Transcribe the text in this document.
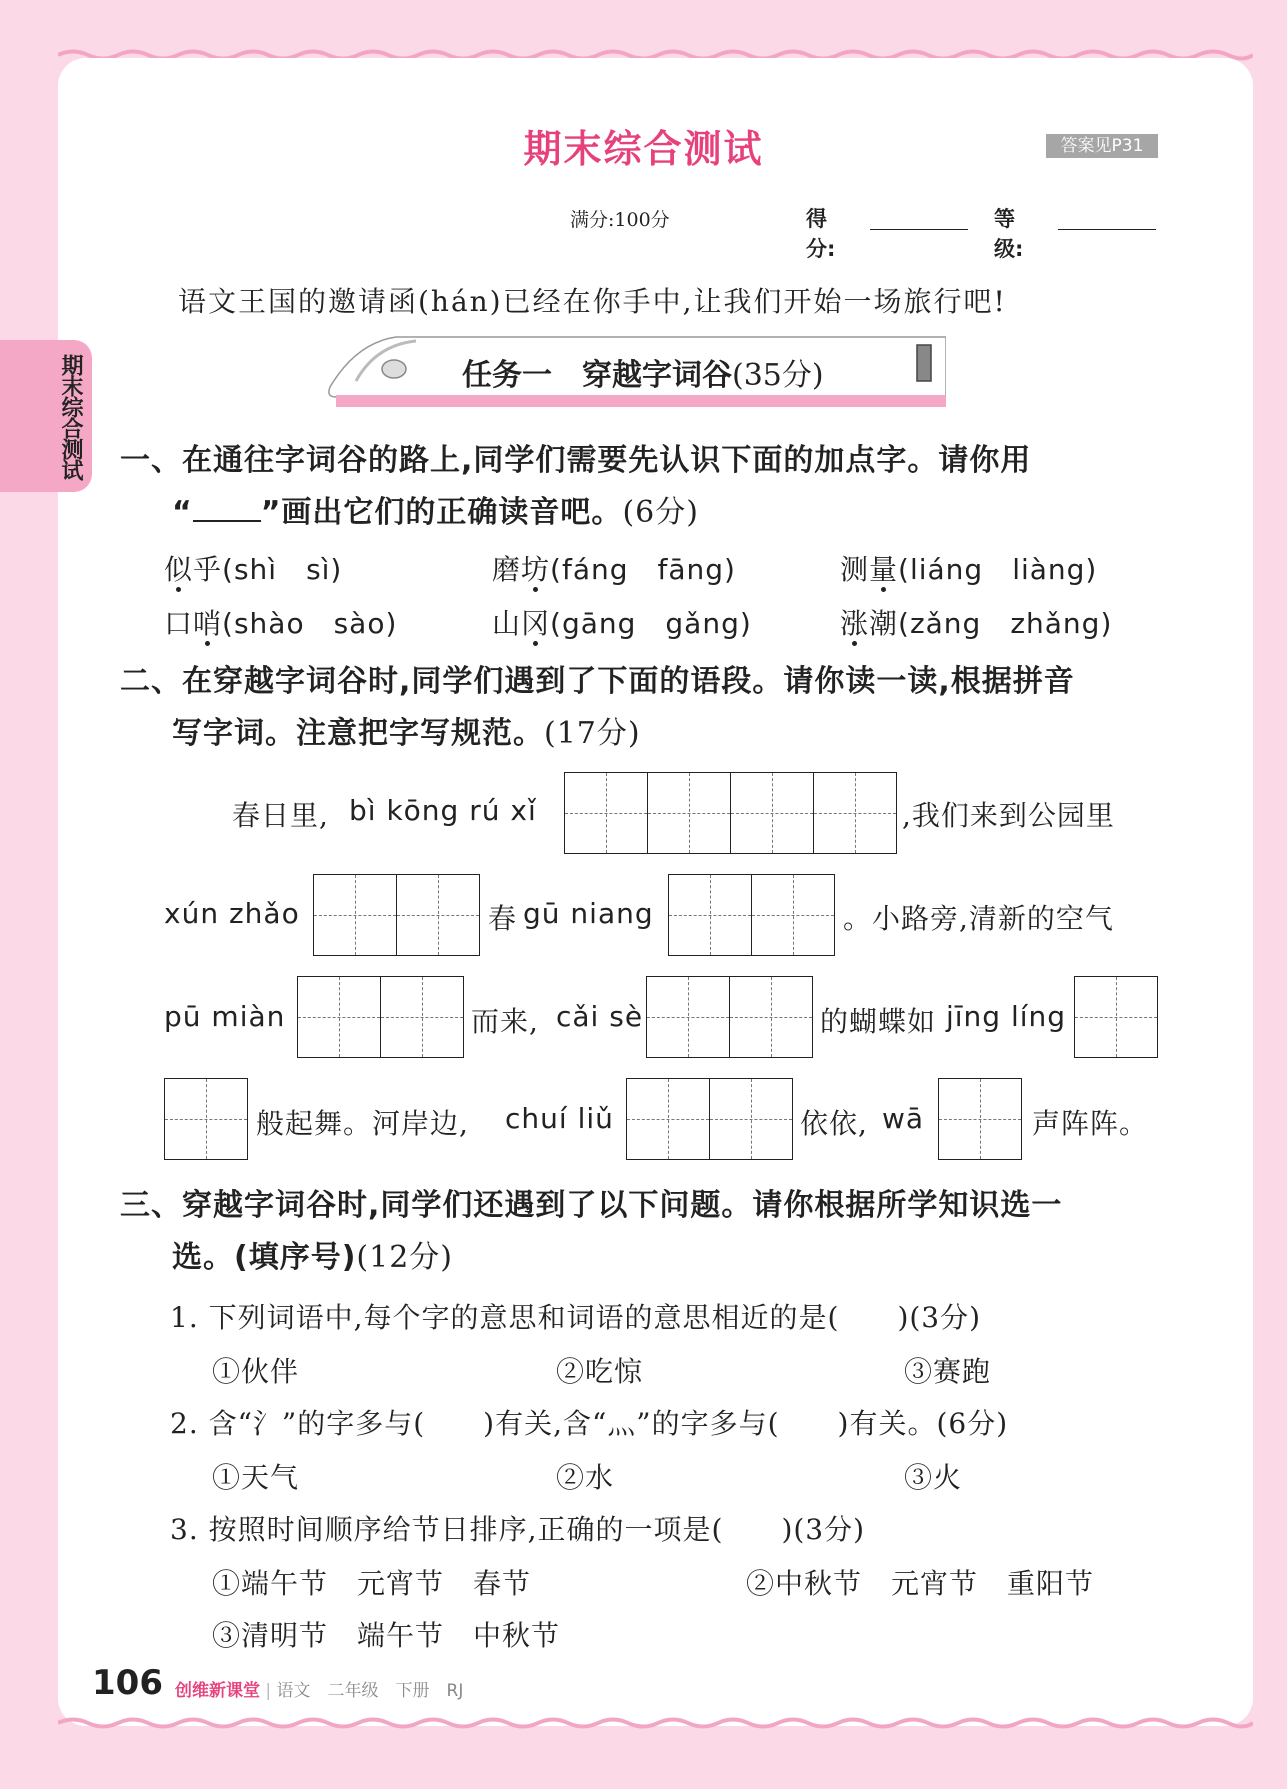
期末综合测试
期末综合测试	答案见P31
满分:100分	得分:
等级:
语文王国的邀请函(hán)已经在你手中,让我们开始一场旅行吧!
任务一　穿越字词谷(35分)
一、在通往字词谷的路上,同学们需要先认识下面的加点字。请你用
“ ”画出它们的正确读音吧。(6分)
似乎(shì　sì)	磨坊(fáng　fāng)	测量(liáng　liàng)
口哨(shào　sào)	山冈(gāng　gǎng)	涨潮(zǎng　zhǎng)
二、在穿越字词谷时,同学们遇到了下面的语段。请你读一读,根据拼音
写字词。注意把字写规范。(17分)
春日里, bì kōng rú xǐ	,我们来到公园里
xún zhǎo	春 gū niang	。小路旁,清新的空气
pū miàn	而来, cǎi sè	的蝴蝶如 jīng líng
般起舞。河岸边, chuí liǔ	依依, wā	声阵阵。
三、穿越字词谷时,同学们还遇到了以下问题。请你根据所学知识选一
选。(填序号)(12分)
1. 下列词语中,每个字的意思和词语的意思相近的是(　　)(3分)
①伙伴	②吃惊	③赛跑
2. 含“氵”的字多与(　　)有关,含“灬”的字多与(　　)有关。(6分)
①天气	②水	③火
3. 按照时间顺序给节日排序,正确的一项是(　　)(3分)
①端午节　元宵节　春节	②中秋节　元宵节　重阳节
③清明节　端午节　中秋节
106 创维新课堂 | 语文　二年级　下册　RJ
